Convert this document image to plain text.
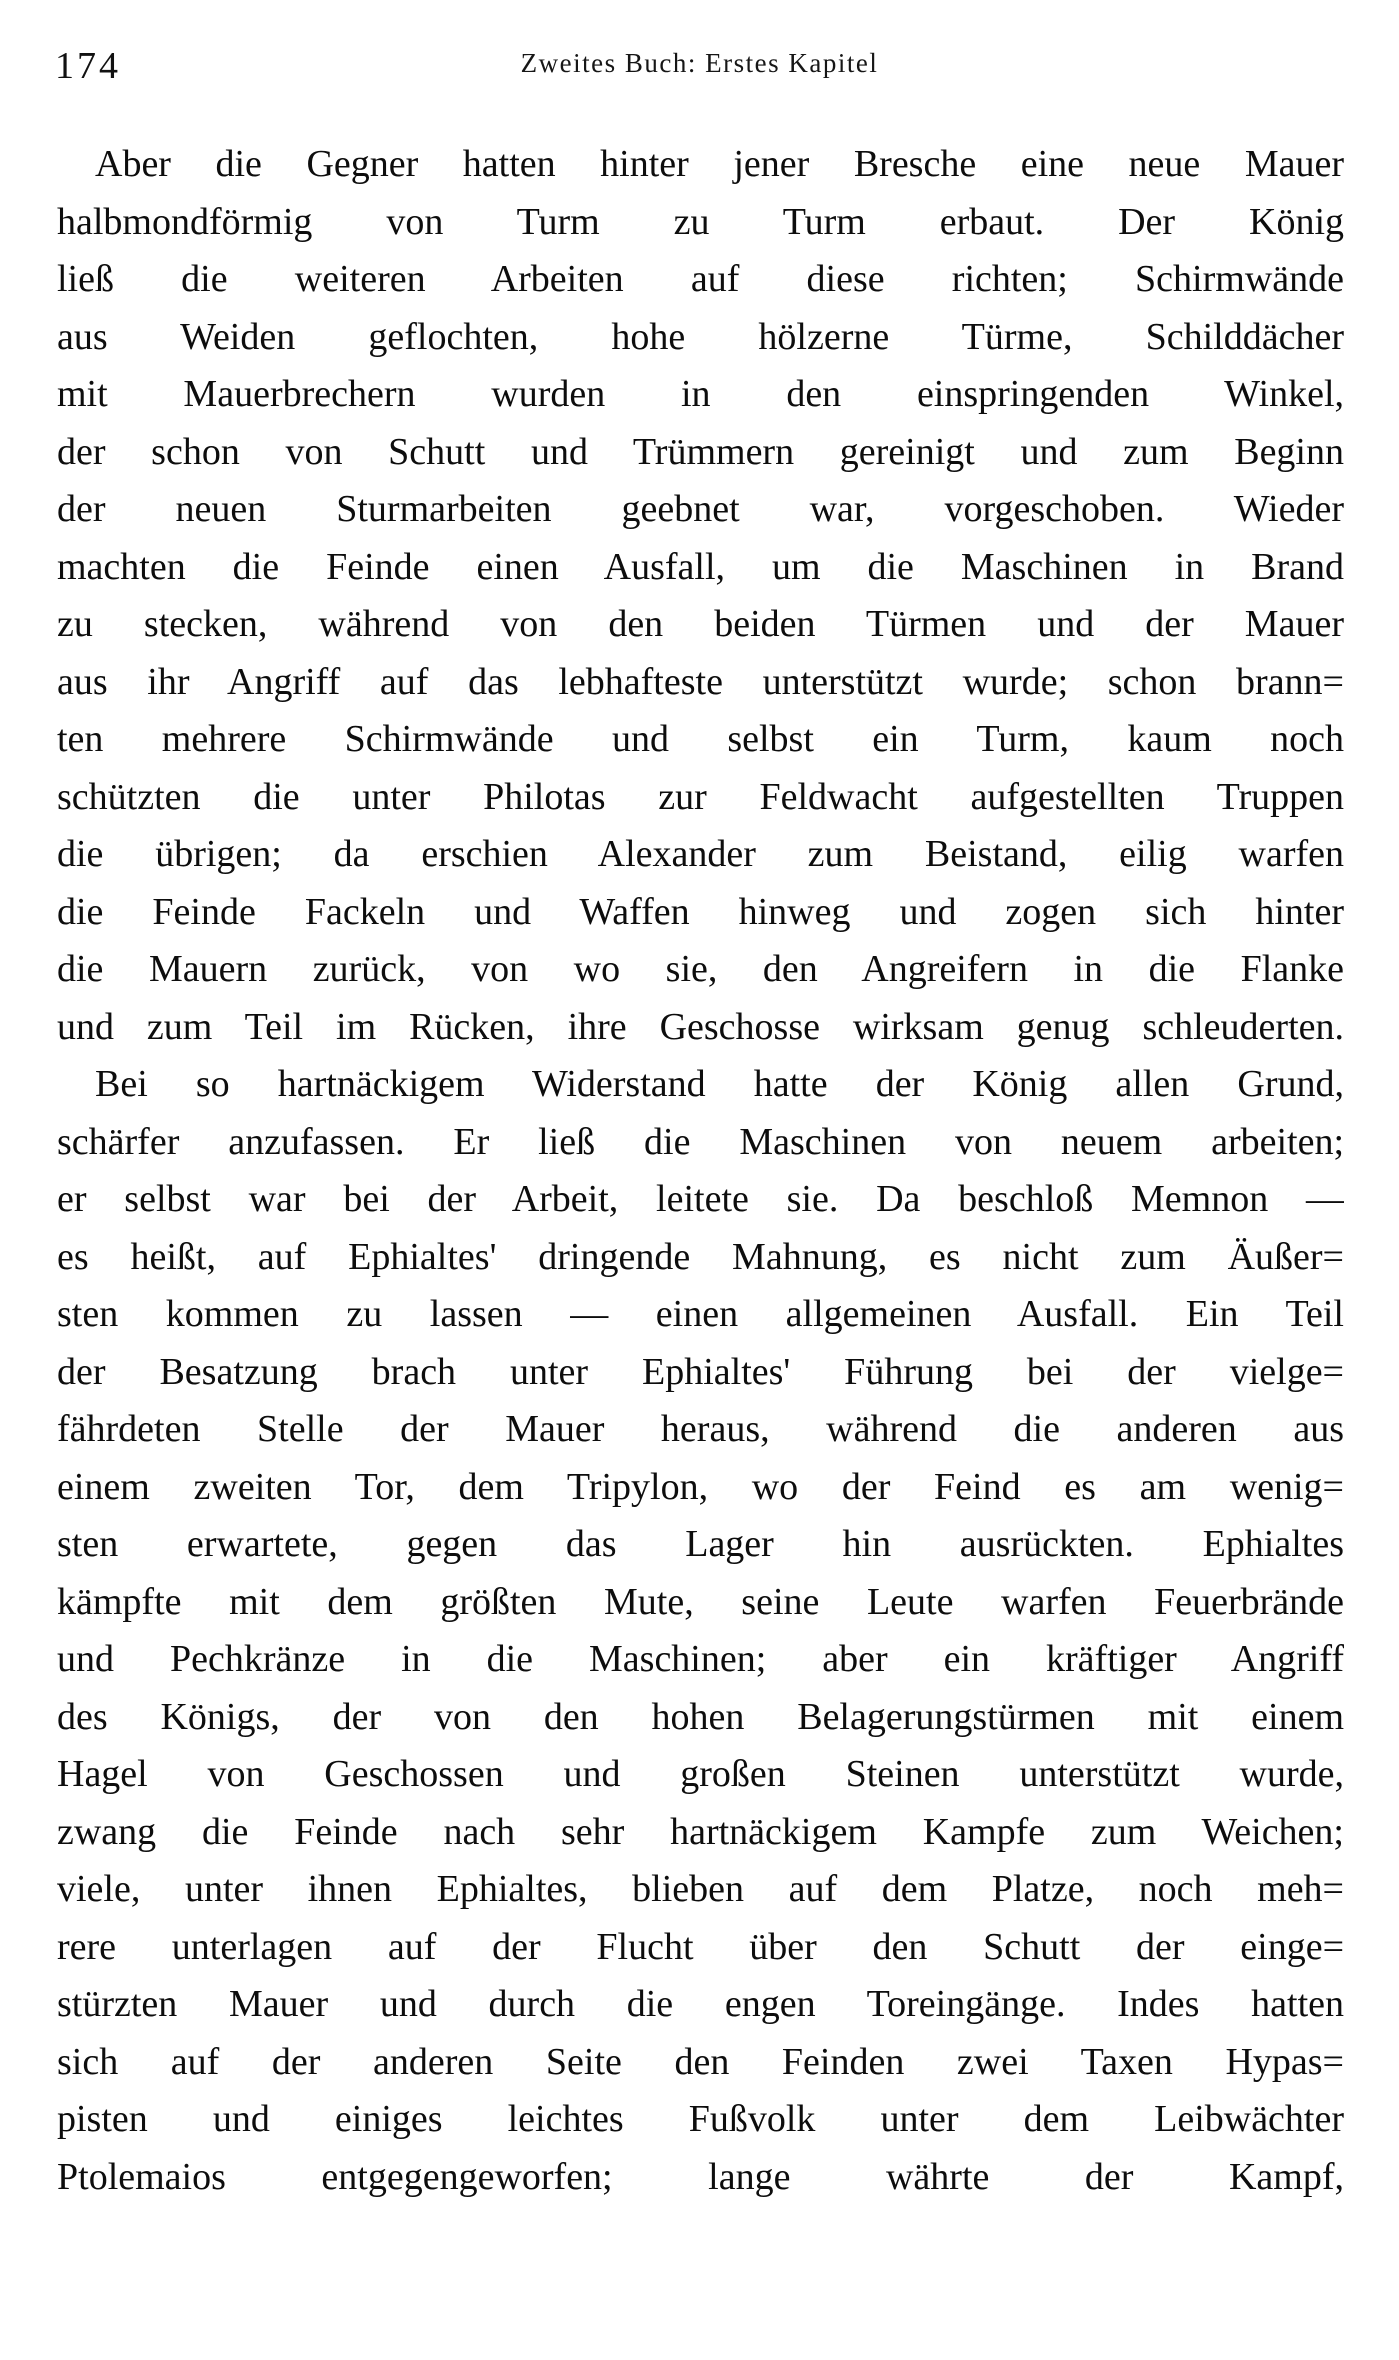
174	Zweites Buch: Erstes Kapitel
Aber die Gegner hatten hinter jener Bresche eine neue Mauer
halbmondförmig von Turm zu Turm erbaut. Der König
ließ die weiteren Arbeiten auf diese richten; Schirmwände
aus Weiden geflochten, hohe hölzerne Türme, Schilddächer
mit Mauerbrechern wurden in den einspringenden Winkel,
der schon von Schutt und Trümmern gereinigt und zum Beginn
der neuen Sturmarbeiten geebnet war, vorgeschoben. Wieder
machten die Feinde einen Ausfall, um die Maschinen in Brand
zu stecken, während von den beiden Türmen und der Mauer
aus ihr Angriff auf das lebhafteste unterstützt wurde; schon brann=
ten mehrere Schirmwände und selbst ein Turm, kaum noch
schützten die unter Philotas zur Feldwacht aufgestellten Truppen
die übrigen; da erschien Alexander zum Beistand, eilig warfen
die Feinde Fackeln und Waffen hinweg und zogen sich hinter
die Mauern zurück, von wo sie, den Angreifern in die Flanke
und zum Teil im Rücken, ihre Geschosse wirksam genug schleuderten.
Bei so hartnäckigem Widerstand hatte der König allen Grund,
schärfer anzufassen. Er ließ die Maschinen von neuem arbeiten;
er selbst war bei der Arbeit, leitete sie. Da beschloß Memnon —
es heißt, auf Ephialtes' dringende Mahnung, es nicht zum Äußer=
sten kommen zu lassen — einen allgemeinen Ausfall. Ein Teil
der Besatzung brach unter Ephialtes' Führung bei der vielge=
fährdeten Stelle der Mauer heraus, während die anderen aus
einem zweiten Tor, dem Tripylon, wo der Feind es am wenig=
sten erwartete, gegen das Lager hin ausrückten. Ephialtes
kämpfte mit dem größten Mute, seine Leute warfen Feuerbrände
und Pechkränze in die Maschinen; aber ein kräftiger Angriff
des Königs, der von den hohen Belagerungstürmen mit einem
Hagel von Geschossen und großen Steinen unterstützt wurde,
zwang die Feinde nach sehr hartnäckigem Kampfe zum Weichen;
viele, unter ihnen Ephialtes, blieben auf dem Platze, noch meh=
rere unterlagen auf der Flucht über den Schutt der einge=
stürzten Mauer und durch die engen Toreingänge. Indes hatten
sich auf der anderen Seite den Feinden zwei Taxen Hypas=
pisten und einiges leichtes Fußvolk unter dem Leibwächter
Ptolemaios entgegengeworfen; lange währte der Kampf,
